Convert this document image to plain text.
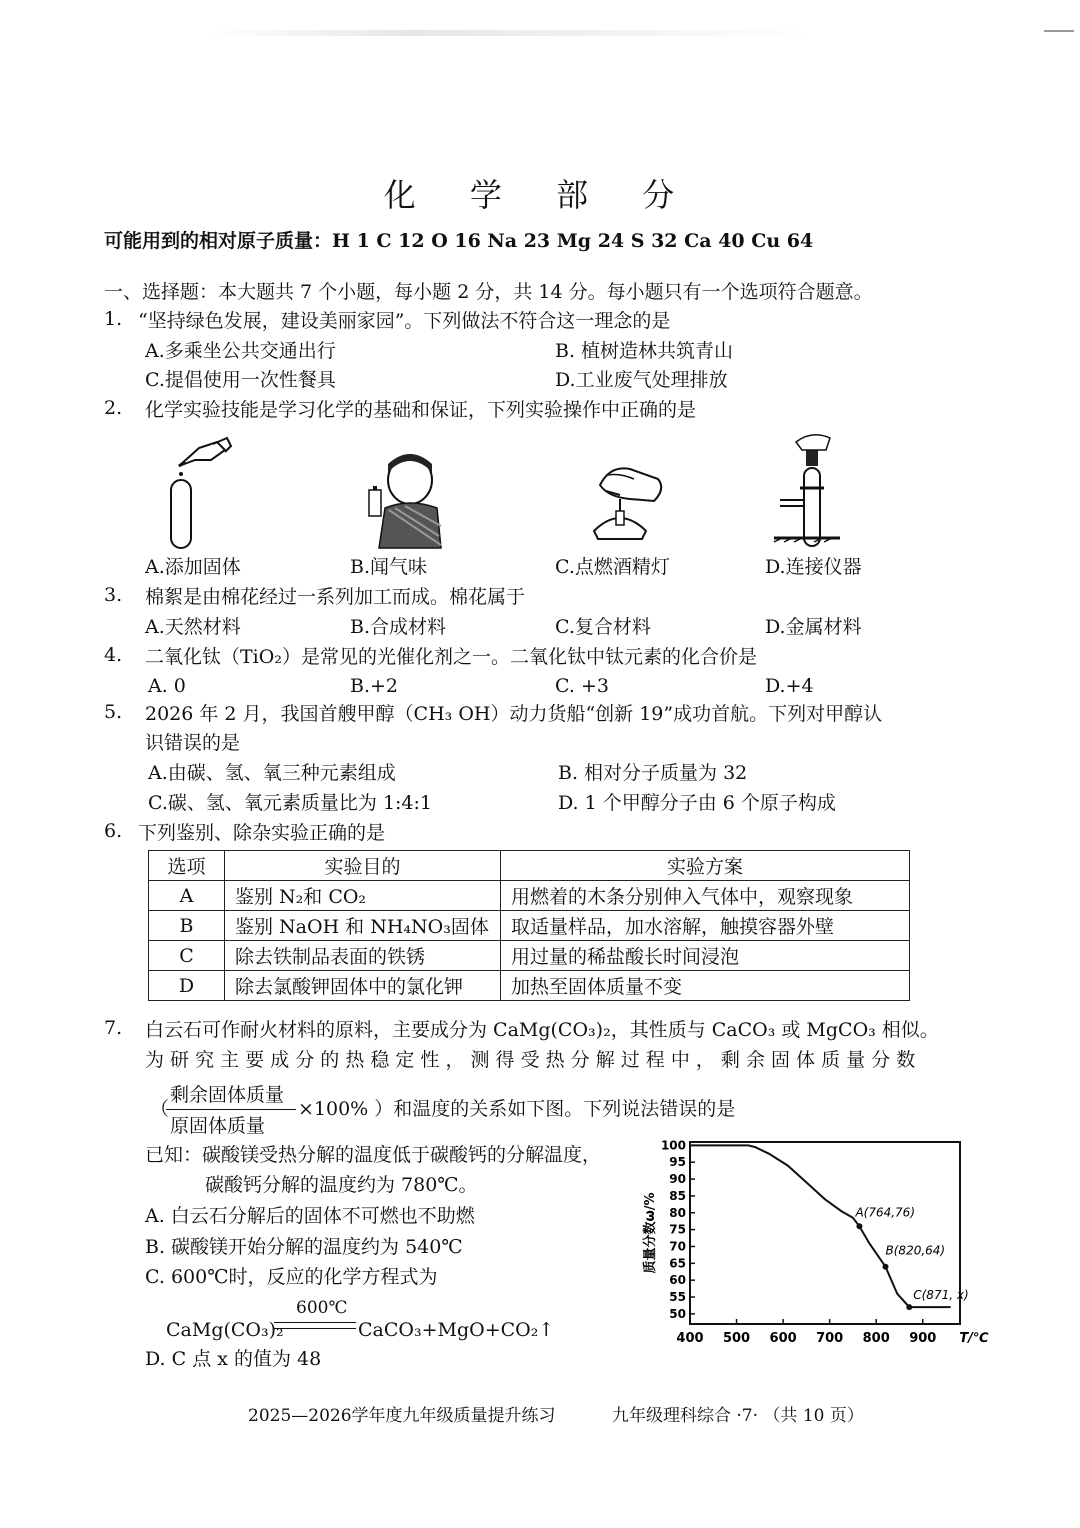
化 学 部 分
可能用到的相对原子质量：H 1 C 12 O 16 Na 23 Mg 24 S 32 Ca 40 Cu 64
一、选择题：本大题共 7 个小题，每小题 2 分，共 14 分。每小题只有一个选项符合题意。
1. “坚持绿色发展，建设美丽家园”。下列做法不符合这一理念的是
A.多乘坐公共交通出行	B. 植树造林共筑青山
C.提倡使用一次性餐具	D.工业废气处理排放
2. 化学实验技能是学习化学的基础和保证，下列实验操作中正确的是
A.添加固体	B.闻气味	C.点燃酒精灯	D.连接仪器
3. 棉絮是由棉花经过一系列加工而成。棉花属于
A.天然材料	B.合成材料	C.复合材料	D.金属材料
4. 二氧化钛（TiO₂）是常见的光催化剂之一。二氧化钛中钛元素的化合价是
A. 0	B.+2	C. +3	D.+4
5. 2026 年 2 月，我国首艘甲醇（CH₃ OH）动力货船“创新 19”成功首航。下列对甲醇认
识错误的是
A.由碳、氢、氧三种元素组成	B. 相对分子质量为 32
C.碳、氢、氧元素质量比为 1:4:1	D. 1 个甲醇分子由 6 个原子构成
6. 下列鉴别、除杂实验正确的是
选项	实验目的	实验方案
A	鉴别 N₂和 CO₂	用燃着的木条分别伸入气体中，观察现象
B	鉴别 NaOH 和 NH₄NO₃固体	取适量样品，加水溶解，触摸容器外壁
C	除去铁制品表面的铁锈	用过量的稀盐酸长时间浸泡
D	除去氯酸钾固体中的氯化钾	加热至固体质量不变
7. 白云石可作耐火材料的原料，主要成分为 CaMg(CO₃)₂，其性质与 CaCO₃ 或 MgCO₃ 相似。
为 研 究 主 要 成 分 的 热 稳 定 性 ， 测 得 受 热 分 解 过 程 中 ， 剩 余 固 体 质 量 分 数
（
剩余固体质量
原固体质量
×100% ）和温度的关系如下图。下列说法错误的是
已知：碳酸镁受热分解的温度低于碳酸钙的分解温度，
碳酸钙分解的温度约为 780℃。
A. 白云石分解后的固体不可燃也不助燃
B. 碳酸镁开始分解的温度约为 540℃
C. 600℃时，反应的化学方程式为
600℃
CaMg(CO₃)₂	CaCO₃+MgO+CO₂↑
D. C 点 x 的值为 48
400 500 600 700 800 900 T/℃
50
55
60
65
70
75
80
85
90
95
100
质量分数ω/%	A(764,76)
B(820,64)
C(871, x)
2025—2026学年度九年级质量提升练习	九年级理科综合 ·7· （共 10 页）
